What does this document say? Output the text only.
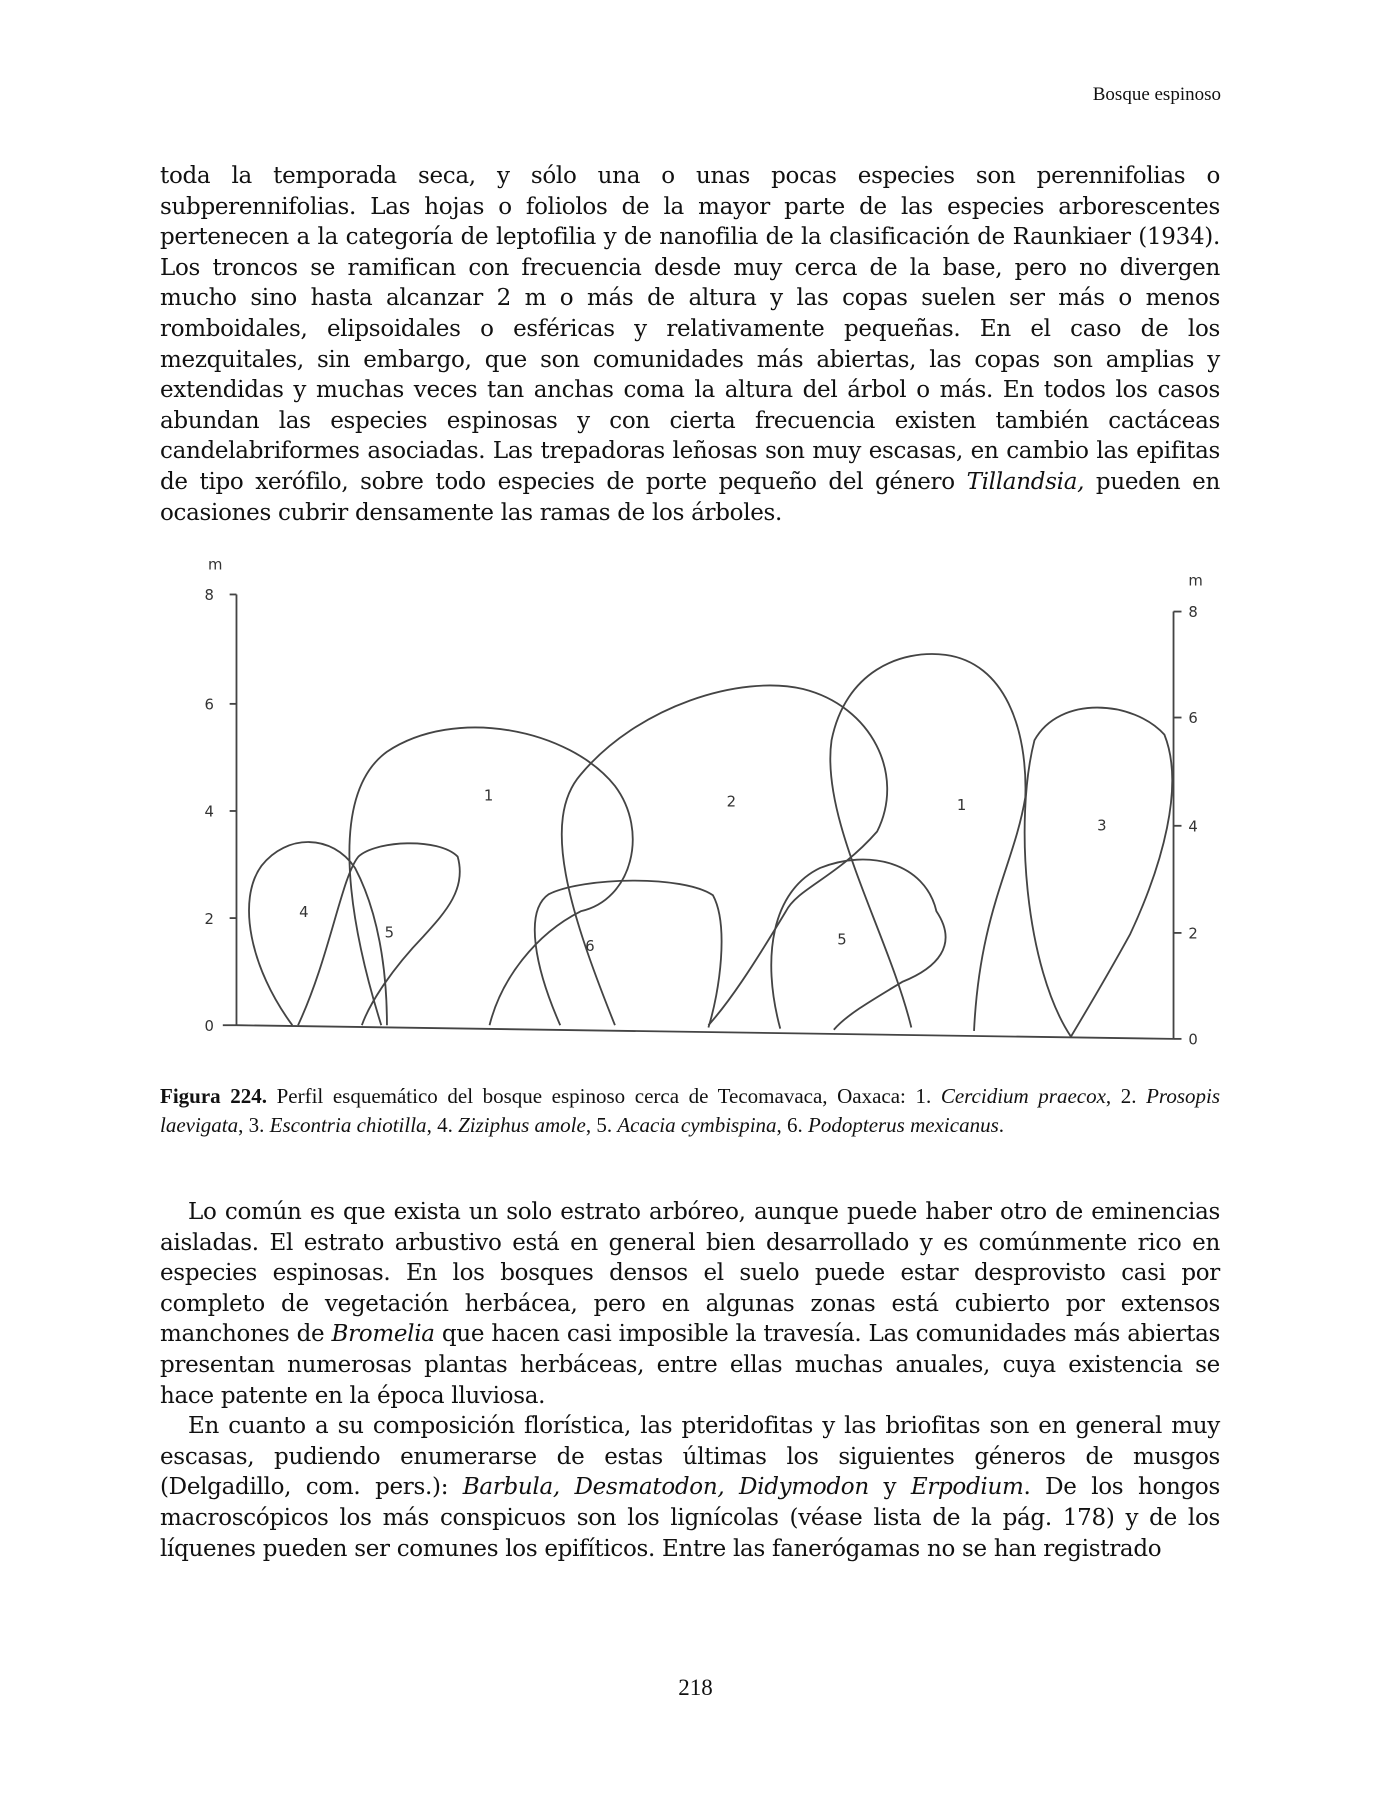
Bosque espinoso
toda la temporada seca, y sólo una o unas pocas especies son perennifolias o subperennifolias. Las hojas o foliolos de la mayor parte de las especies arborescentes pertenecen a la categoría de leptofilia y de nanofilia de la clasificación de Raunkiaer (1934). Los troncos se ramifican con frecuencia desde muy cerca de la base, pero no divergen mucho sino hasta alcanzar 2 m o más de altura y las copas suelen ser más o menos romboidales, elipsoidales o esféricas y relativamente pequeñas. En el caso de los mezquitales, sin embargo, que son comunidades más abiertas, las copas son amplias y extendidas y muchas veces tan anchas coma la altura del árbol o más. En todos los casos abundan las especies espinosas y con cierta frecuencia existen también cactáceas candelabriformes asociadas. Las trepadoras leñosas son muy escasas, en cambio las epifitas de tipo xerófilo, sobre todo especies de porte pequeño del género Tillandsia, pueden en ocasiones cubrir densamente las ramas de los árboles.
m
m
8
6
4
2
0
8
6
4
2
0
1	2	1
3
4
5
6	5
Figura 224. Perfil esquemático del bosque espinoso cerca de Tecomavaca, Oaxaca: 1. Cercidium praecox, 2. Prosopis laevigata, 3. Escontria chiotilla, 4. Ziziphus amole, 5. Acacia cymbispina, 6. Podopterus mexicanus.
Lo común es que exista un solo estrato arbóreo, aunque puede haber otro de eminencias aisladas. El estrato arbustivo está en general bien desarrollado y es comúnmente rico en especies espinosas. En los bosques densos el suelo puede estar desprovisto casi por completo de vegetación herbácea, pero en algunas zonas está cubierto por extensos manchones de Bromelia que hacen casi imposible la travesía. Las comunidades más abiertas presentan numerosas plantas herbáceas, entre ellas muchas anuales, cuya existencia se hace patente en la época lluviosa.
En cuanto a su composición florística, las pteridofitas y las briofitas son en general muy escasas, pudiendo enumerarse de estas últimas los siguientes géneros de musgos (Delgadillo, com. pers.): Barbula, Desmatodon, Didymodon y Erpodium. De los hongos macroscópicos los más conspicuos son los lignícolas (véase lista de la pág. 178) y de los líquenes pueden ser comunes los epifíticos. Entre las fanerógamas no se han registrado
218
